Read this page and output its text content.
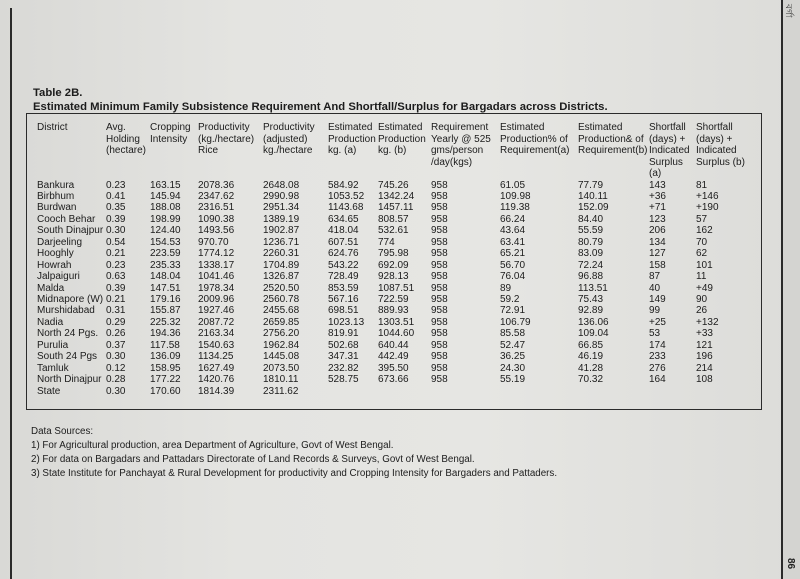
বর্গা
86
Table 2B.
Estimated Minimum Family Subsistence Requirement And Shortfall/Surplus for Bargadars across Districts.
District	Avg. Holding (hectare)	Cropping Intensity	Productivity (kg./hectare) Rice	Productivity (adjusted) kg./hectare	Estimated Production kg. (a)	Estimated Production kg. (b)	Requirement Yearly @ 525 gms/person /day(kgs)	Estimated Production% of Requirement(a)	Estimated Production& of Requirement(b)	Shortfall (days) + Indicated Surplus (a)	Shortfall (days) + Indicated Surplus (b)
Bankura	0.23	163.15	2078.36	2648.08	584.92	745.26	958	61.05	77.79	143	81
Birbhum	0.41	145.94	2347.62	2990.98	1053.52	1342.24	958	109.98	140.11	+36	+146
Burdwan	0.35	188.08	2316.51	2951.34	1143.68	1457.11	958	119.38	152.09	+71	+190
Cooch Behar	0.39	198.99	1090.38	1389.19	634.65	808.57	958	66.24	84.40	123	57
South Dinajpur	0.30	124.40	1493.56	1902.87	418.04	532.61	958	43.64	55.59	206	162
Darjeeling	0.54	154.53	970.70	1236.71	607.51	774	958	63.41	80.79	134	70
Hooghly	0.21	223.59	1774.12	2260.31	624.76	795.98	958	65.21	83.09	127	62
Howrah	0.23	235.33	1338.17	1704.89	543.22	692.09	958	56.70	72.24	158	101
Jalpaiguri	0.63	148.04	1041.46	1326.87	728.49	928.13	958	76.04	96.88	87	11
Malda	0.39	147.51	1978.34	2520.50	853.59	1087.51	958	89	113.51	40	+49
Midnapore (W)	0.21	179.16	2009.96	2560.78	567.16	722.59	958	59.2	75.43	149	90
Murshidabad	0.31	155.87	1927.46	2455.68	698.51	889.93	958	72.91	92.89	99	26
Nadia	0.29	225.32	2087.72	2659.85	1023.13	1303.51	958	106.79	136.06	+25	+132
North 24 Pgs.	0.26	194.36	2163.34	2756.20	819.91	1044.60	958	85.58	109.04	53	+33
Purulia	0.37	117.58	1540.63	1962.84	502.68	640.44	958	52.47	66.85	174	121
South 24 Pgs	0.30	136.09	1134.25	1445.08	347.31	442.49	958	36.25	46.19	233	196
Tamluk	0.12	158.95	1627.49	2073.50	232.82	395.50	958	24.30	41.28	276	214
North Dinajpur	0.28	177.22	1420.76	1810.11	528.75	673.66	958	55.19	70.32	164	108
State	0.30	170.60	1814.39	2311.62							
Data Sources:
1) For Agricultural production, area Department of Agriculture, Govt of West Bengal.
2) For data on Bargadars and Pattadars Directorate of Land Records & Surveys, Govt of West Bengal.
3) State Institute for Panchayat & Rural Development for productivity and Cropping Intensity for Bargaders and Pattaders.
